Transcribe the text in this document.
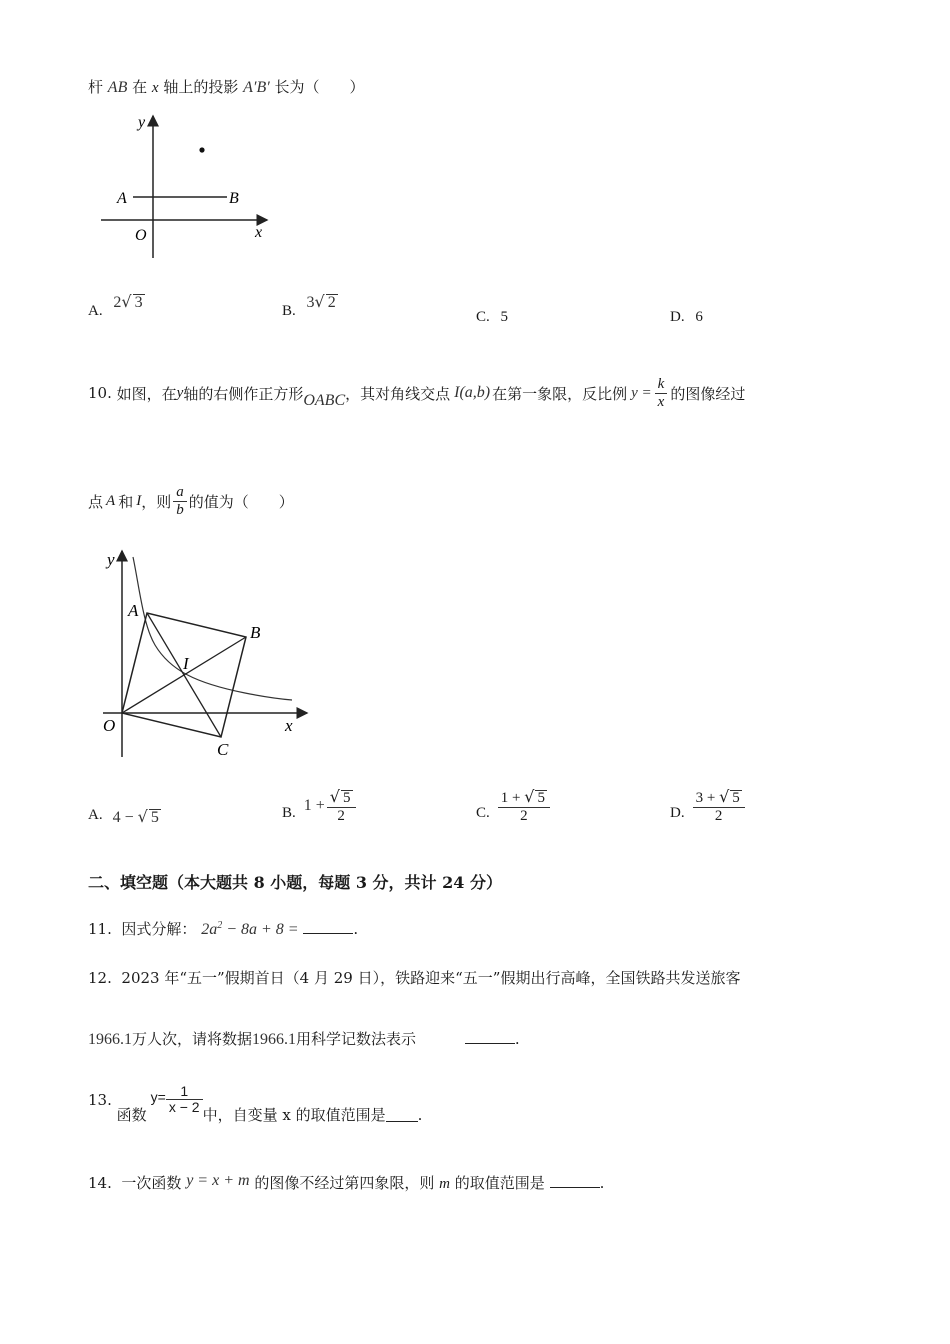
杆 AB 在 x 轴上的投影 A′B′ 长为（　　）
y
x
O
A	B
A. 2√ 3	B. 3√ 2
C. 5	D. 6
10.
如图，在 y 轴的右侧作正方形 OABC ，其对角线交点 I (a,b) 在第一象限，反比例 $y = \frac{k}{x}$ 的图像经过
点 A 和 I ，则 $\frac{a}{b}$ 的值为（　　）
y
x
O
A
B
C
I
A. 4 − √ 5	B. $1 + \frac{√ 5}{2}$	C. $\frac{1 + √ 5}{2}$	D. $\frac{3 + √ 5}{2}$
二、填空题（本大题共 8 小题，每题 3 分，共计 24 分）
11. 因式分解： $2a^2 - 8a + 8$ =	.
12. 2023 年“五一”假期首日（4 月 29 日），铁路迎来“五一”假期出行高峰，全国铁路共发送旅客
1966.1万人次，请将数据1966.1用科学记数法表示	.
13.

函数
$y= \frac{1}{x - 2}$ 中，自变量 x 的取值范围是 .
14. 一次函数 y = x + m 的图像不经过第四象限，则 m 的取值范围是	.
